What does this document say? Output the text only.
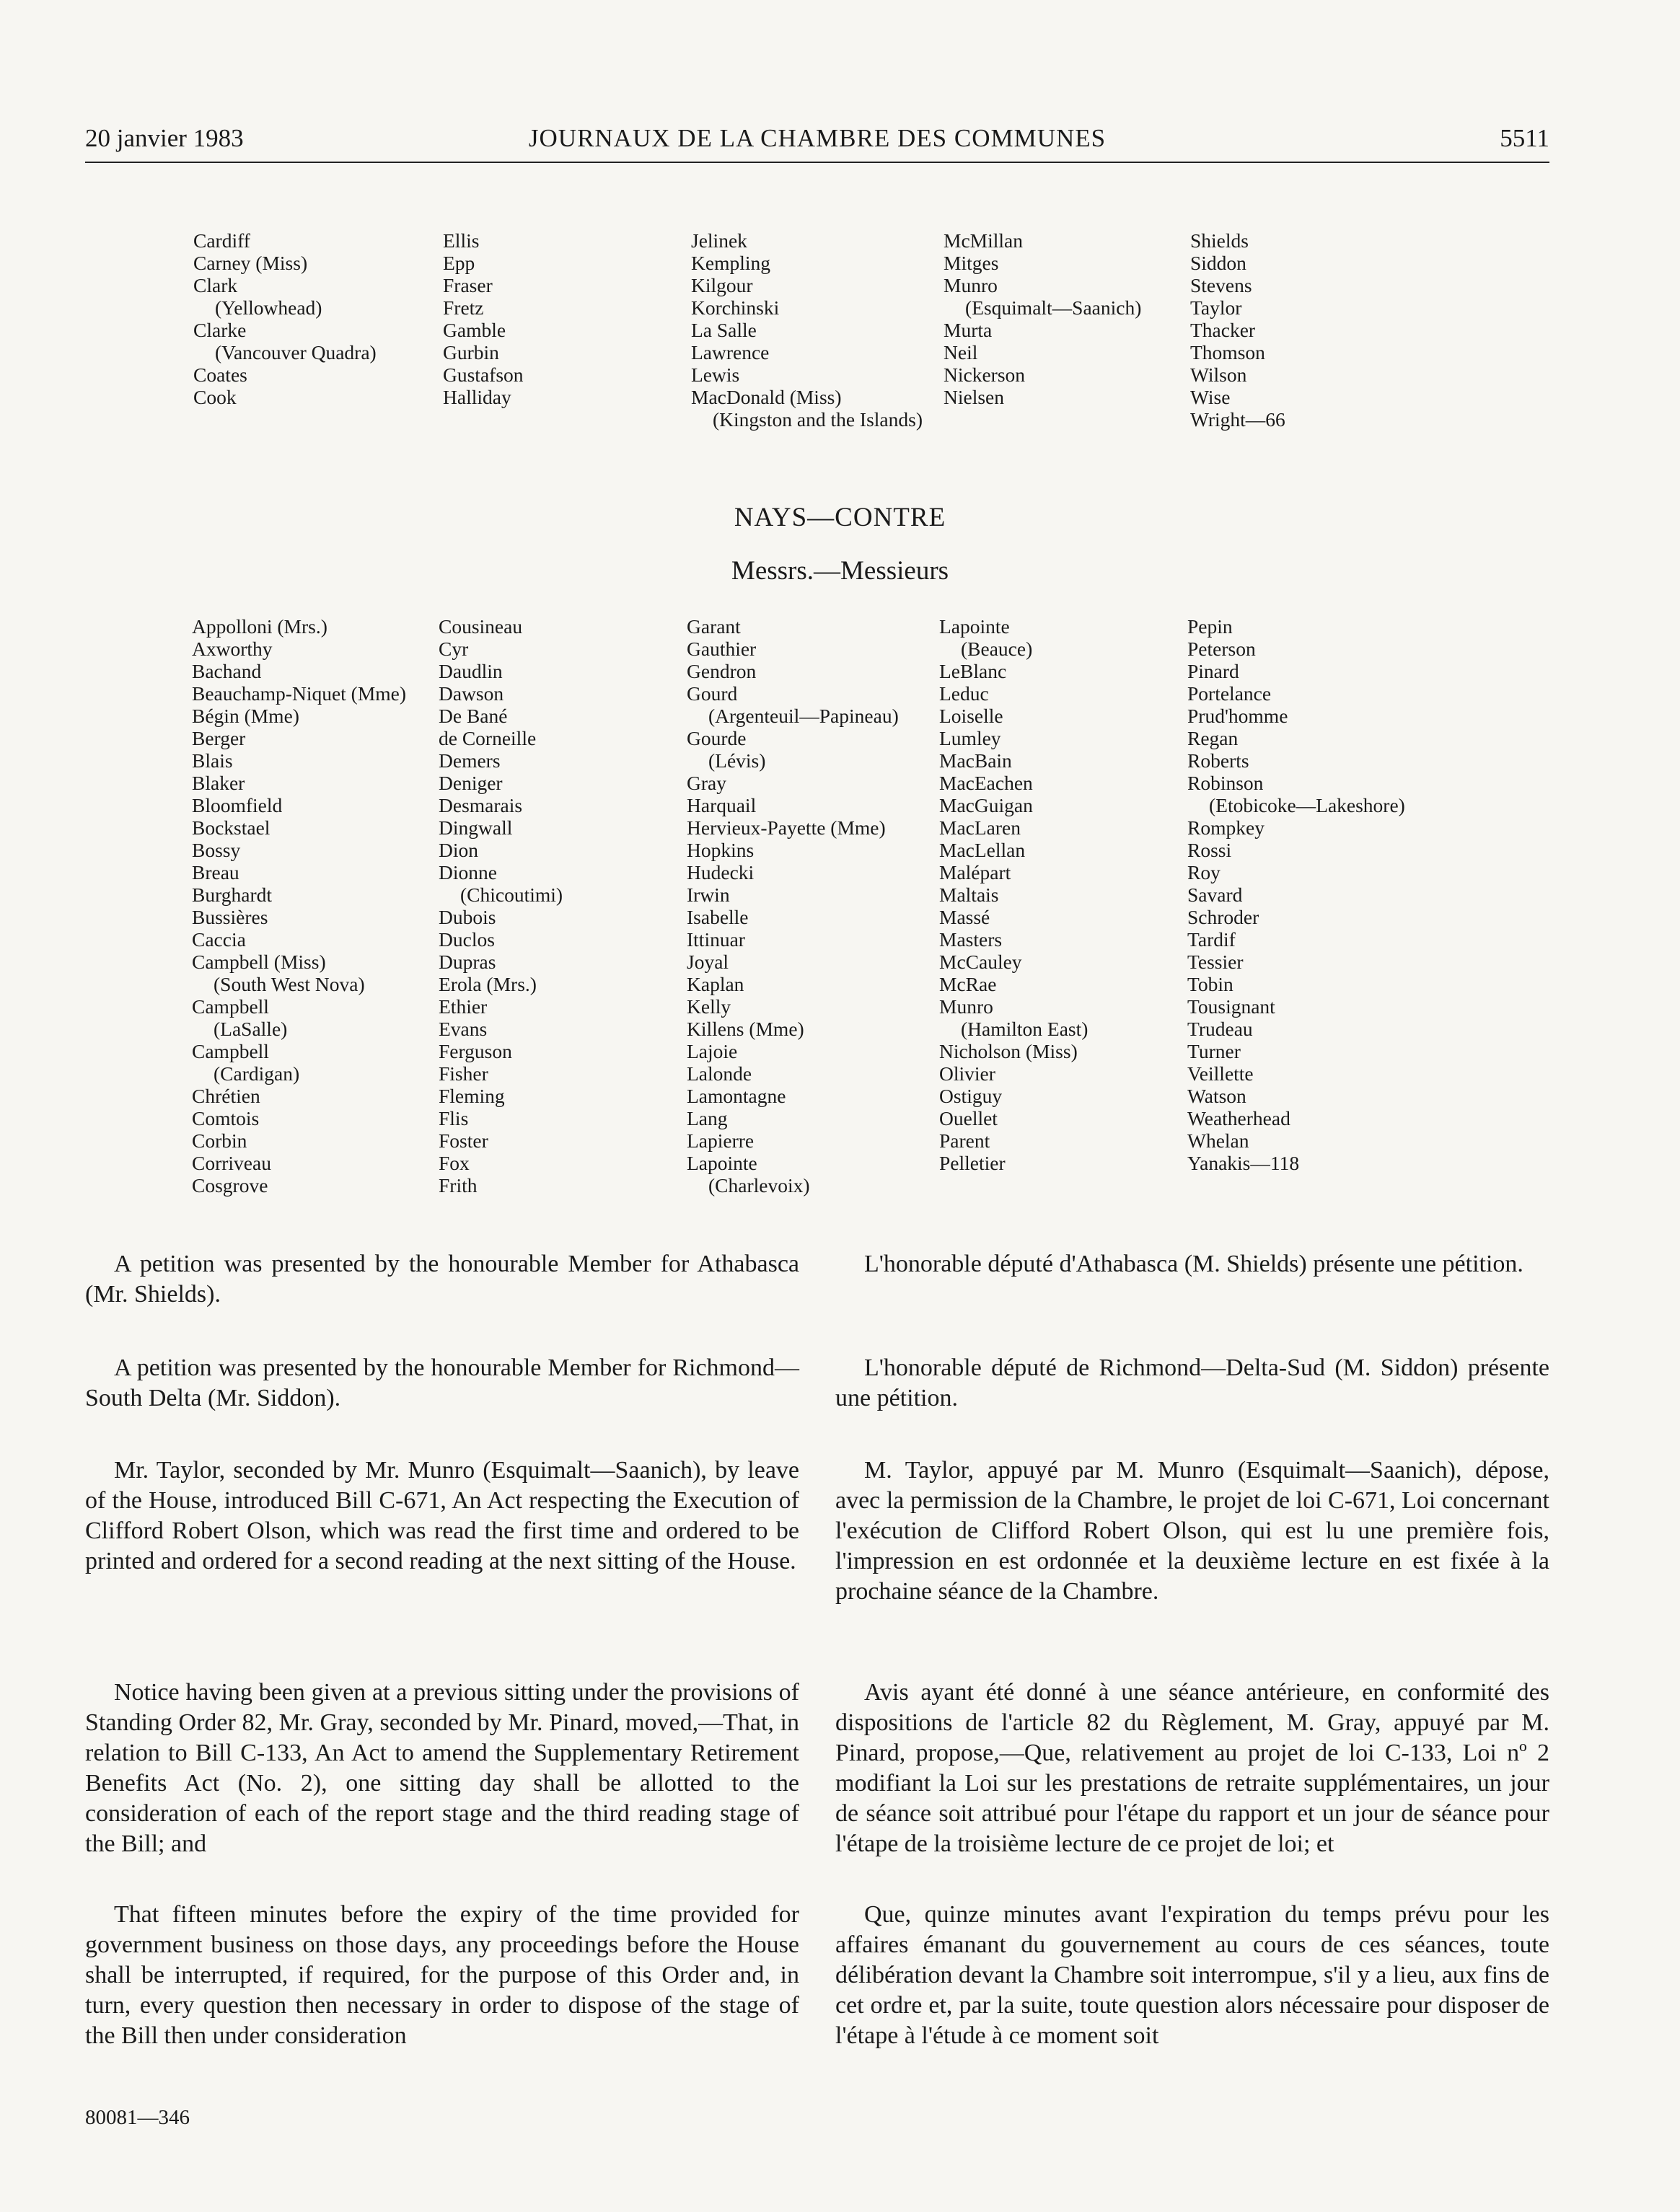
20 janvier 1983	JOURNAUX DE LA CHAMBRE DES COMMUNES	5511
Cardiff
Carney (Miss)
Clark
(Yellowhead)
Clarke
(Vancouver Quadra)
Coates
Cook
Ellis
Epp
Fraser
Fretz
Gamble
Gurbin
Gustafson
Halliday
Jelinek
Kempling
Kilgour
Korchinski
La Salle
Lawrence
Lewis
MacDonald (Miss)
(Kingston and the Islands)
McMillan
Mitges
Munro
(Esquimalt—Saanich)
Murta
Neil
Nickerson
Nielsen
Shields
Siddon
Stevens
Taylor
Thacker
Thomson
Wilson
Wise
Wright—66
NAYS—CONTRE
Messrs.—Messieurs
Appolloni (Mrs.)
Axworthy
Bachand
Beauchamp-Niquet (Mme)
Bégin (Mme)
Berger
Blais
Blaker
Bloomfield
Bockstael
Bossy
Breau
Burghardt
Bussières
Caccia
Campbell (Miss)
(South West Nova)
Campbell
(LaSalle)
Campbell
(Cardigan)
Chrétien
Comtois
Corbin
Corriveau
Cosgrove
Cousineau
Cyr
Daudlin
Dawson
De Bané
de Corneille
Demers
Deniger
Desmarais
Dingwall
Dion
Dionne
(Chicoutimi)
Dubois
Duclos
Dupras
Erola (Mrs.)
Ethier
Evans
Ferguson
Fisher
Fleming
Flis
Foster
Fox
Frith
Garant
Gauthier
Gendron
Gourd
(Argenteuil—Papineau)
Gourde
(Lévis)
Gray
Harquail
Hervieux-Payette (Mme)
Hopkins
Hudecki
Irwin
Isabelle
Ittinuar
Joyal
Kaplan
Kelly
Killens (Mme)
Lajoie
Lalonde
Lamontagne
Lang
Lapierre
Lapointe
(Charlevoix)
Lapointe
(Beauce)
LeBlanc
Leduc
Loiselle
Lumley
MacBain
MacEachen
MacGuigan
MacLaren
MacLellan
Malépart
Maltais
Massé
Masters
McCauley
McRae
Munro
(Hamilton East)
Nicholson (Miss)
Olivier
Ostiguy
Ouellet
Parent
Pelletier
Pepin
Peterson
Pinard
Portelance
Prud'homme
Regan
Roberts
Robinson
(Etobicoke—Lakeshore)
Rompkey
Rossi
Roy
Savard
Schroder
Tardif
Tessier
Tobin
Tousignant
Trudeau
Turner
Veillette
Watson
Weatherhead
Whelan
Yanakis—118

A petition was presented by the honourable Member for Athabasca (Mr. Shields).

A petition was presented by the honourable Member for Richmond—South Delta (Mr. Siddon).

Mr. Taylor, seconded by Mr. Munro (Esquimalt—Saanich), by leave of the House, introduced Bill C-671, An Act respecting the Execution of Clifford Robert Olson, which was read the first time and ordered to be printed and ordered for a second reading at the next sitting of the House.

Notice having been given at a previous sitting under the provisions of Standing Order 82, Mr. Gray, seconded by Mr. Pinard, moved,—That, in relation to Bill C-133, An Act to amend the Supplementary Retirement Benefits Act (No. 2), one sitting day shall be allotted to the consideration of each of the report stage and the third reading stage of the Bill; and

That fifteen minutes before the expiry of the time provided for government business on those days, any proceedings before the House shall be interrupted, if required, for the purpose of this Order and, in turn, every question then necessary in order to dispose of the stage of the Bill then under consideration

L'honorable député d'Athabasca (M. Shields) présente une pétition.

L'honorable député de Richmond—Delta-Sud (M. Siddon) présente une pétition.

M. Taylor, appuyé par M. Munro (Esquimalt—Saanich), dépose, avec la permission de la Chambre, le projet de loi C-671, Loi concernant l'exécution de Clifford Robert Olson, qui est lu une première fois, l'impression en est ordonnée et la deuxième lecture en est fixée à la prochaine séance de la Chambre.

Avis ayant été donné à une séance antérieure, en conformité des dispositions de l'article 82 du Règlement, M. Gray, appuyé par M. Pinard, propose,—Que, relativement au projet de loi C-133, Loi nº 2 modifiant la Loi sur les prestations de retraite supplémentaires, un jour de séance soit attribué pour l'étape du rapport et un jour de séance pour l'étape de la troisième lecture de ce projet de loi; et

Que, quinze minutes avant l'expiration du temps prévu pour les affaires émanant du gouvernement au cours de ces séances, toute délibération devant la Chambre soit interrompue, s'il y a lieu, aux fins de cet ordre et, par la suite, toute question alors nécessaire pour disposer de l'étape à l'étude à ce moment soit

80081—346
